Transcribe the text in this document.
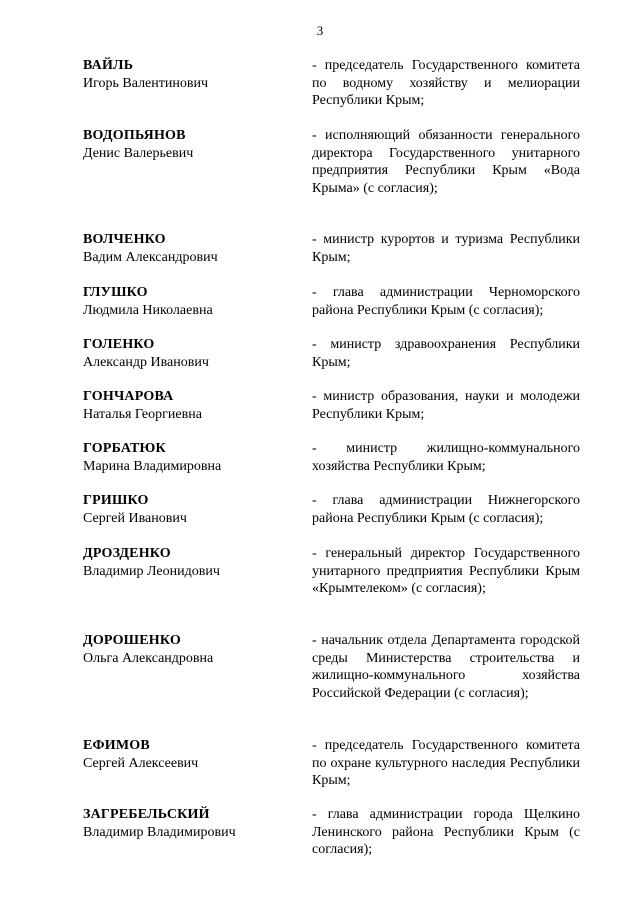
3
ВАЙЛЬ
Игорь Валентинович
- председатель Государственного комитета по водному хозяйству и мелиорации Республики Крым;
ВОДОПЬЯНОВ
Денис Валерьевич
- исполняющий обязанности генерального директора Государственного унитарного предприятия Республики Крым «Вода Крыма» (с согласия);
ВОЛЧЕНКО
Вадим Александрович
- министр курортов и туризма Республики Крым;
ГЛУШКО
Людмила Николаевна
- глава администрации Черноморского района Республики Крым (с согласия);
ГОЛЕНКО
Александр Иванович
- министр здравоохранения Республики Крым;
ГОНЧАРОВА
Наталья Георгиевна
- министр образования, науки и молодежи Республики Крым;
ГОРБАТЮК
Марина Владимировна
- министр жилищно-коммунального хозяйства Республики Крым;
ГРИШКО
Сергей Иванович
- глава администрации Нижнегорского района Республики Крым (с согласия);
ДРОЗДЕНКО
Владимир Леонидович
- генеральный директор Государственного унитарного предприятия Республики Крым «Крымтелеком» (с согласия);
ДОРОШЕНКО
Ольга Александровна
- начальник отдела Департамента городской среды Министерства строительства и жилищно-коммунального хозяйства Российской Федерации (с согласия);
ЕФИМОВ
Сергей Алексеевич
- председатель Государственного комитета по охране культурного наследия Республики Крым;
ЗАГРЕБЕЛЬСКИЙ
Владимир Владимирович
- глава администрации города Щелкино Ленинского района Республики Крым (с согласия);
